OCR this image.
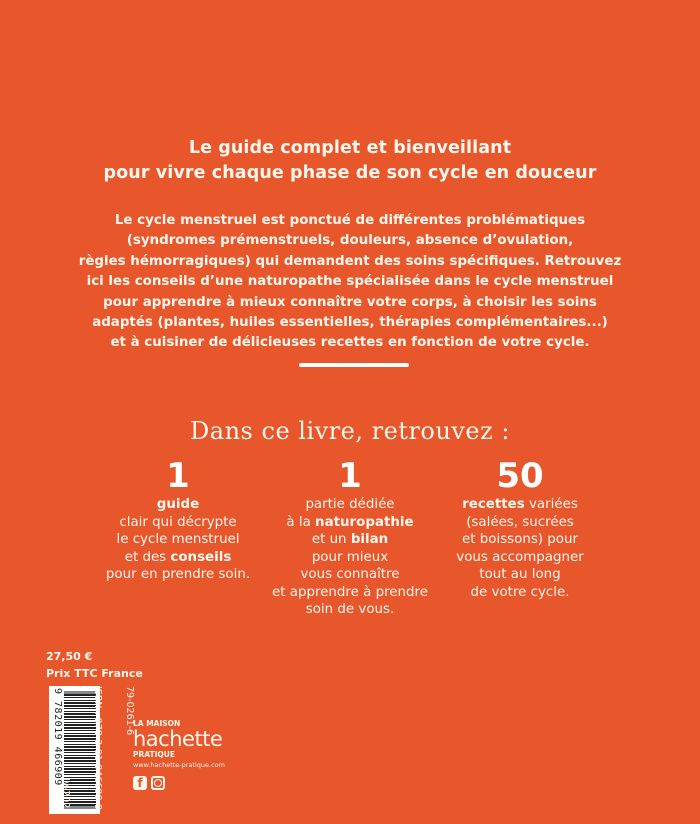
Le guide complet et bienveillant
pour vivre chaque phase de son cycle en douceur
Le cycle menstruel est ponctué de différentes problématiques
(syndromes prémenstruels, douleurs, absence d’ovulation,
règles hémorragiques) qui demandent des soins spécifiques. Retrouvez
ici les conseils d’une naturopathe spécialisée dans le cycle menstruel
pour apprendre à mieux connaître votre corps, à choisir les soins
adaptés (plantes, huiles essentielles, thérapies complémentaires...)
et à cuisiner de délicieuses recettes en fonction de votre cycle.
Dans ce livre, retrouvez :
1
guide
clair qui décrypte
le cycle menstruel
et des conseils
pour en prendre soin.
1
partie dédiée
à la naturopathie
et un bilan
pour mieux
vous connaître
et apprendre à prendre
soin de vous.
50
recettes variées
(salées, sucrées
et boissons) pour
vous accompagner
tout au long
de votre cycle.
27,50 €
Prix TTC France
9 782019 466909	79-0261-6
ISBN : 978-2-01-946690-9
IV-2023
LA MAISON
hachette
PRATIQUE
www.hachette-pratique.com
f
